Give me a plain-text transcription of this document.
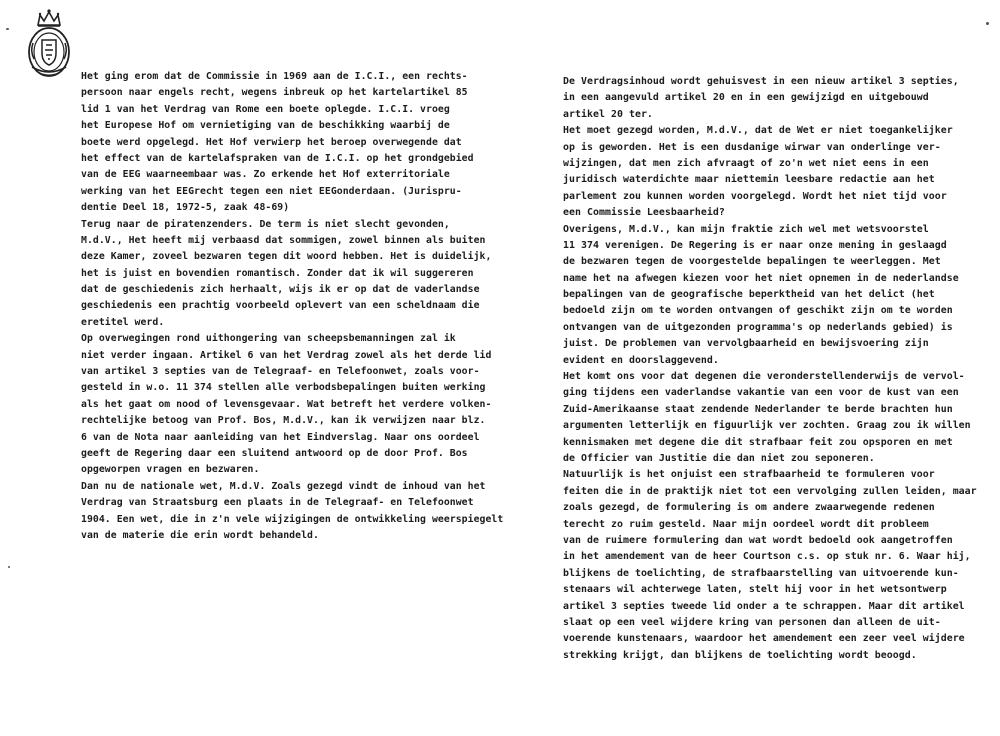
Het ging erom dat de Commissie in 1969 aan de I.C.I., een rechts-
persoon naar engels recht, wegens inbreuk op het kartelartikel 85
lid 1 van het Verdrag van Rome een boete oplegde. I.C.I. vroeg
het Europese Hof om vernietiging van de beschikking waarbij de
boete werd opgelegd. Het Hof verwierp het beroep overwegende dat
het effect van de kartelafspraken van de I.C.I. op het grondgebied
van de EEG waarneembaar was. Zo erkende het Hof exterritoriale
werking van het EEGrecht tegen een niet EEGonderdaan. (Jurispru-
dentie Deel 18, 1972-5, zaak 48-69)
Terug naar de piratenzenders. De term is niet slecht gevonden,
M.d.V., Het heeft mij verbaasd dat sommigen, zowel binnen als buiten
deze Kamer, zoveel bezwaren tegen dit woord hebben. Het is duidelijk,
het is juist en bovendien romantisch. Zonder dat ik wil suggereren
dat de geschiedenis zich herhaalt, wijs ik er op dat de vaderlandse
geschiedenis een prachtig voorbeeld oplevert van een scheldnaam die
eretitel werd.
Op overwegingen rond uithongering van scheepsbemanningen zal ik
niet verder ingaan. Artikel 6 van het Verdrag zowel als het derde lid
van artikel 3 septies van de Telegraaf- en Telefoonwet, zoals voor-
gesteld in w.o. 11 374 stellen alle verbodsbepalingen buiten werking
als het gaat om nood of levensgevaar. Wat betreft het verdere volken-
rechtelijke betoog van Prof. Bos, M.d.V., kan ik verwijzen naar blz.
6 van de Nota naar aanleiding van het Eindverslag. Naar ons oordeel
geeft de Regering daar een sluitend antwoord op de door Prof. Bos
opgeworpen vragen en bezwaren.
Dan nu de nationale wet, M.d.V. Zoals gezegd vindt de inhoud van het
Verdrag van Straatsburg een plaats in de Telegraaf- en Telefoonwet
1904. Een wet, die in z'n vele wijzigingen de ontwikkeling weerspiegelt
van de materie die erin wordt behandeld.
De Verdragsinhoud wordt gehuisvest in een nieuw artikel 3 septies,
in een aangevuld artikel 20 en in een gewijzigd en uitgebouwd
artikel 20 ter.
Het moet gezegd worden, M.d.V., dat de Wet er niet toegankelijker
op is geworden. Het is een dusdanige wirwar van onderlinge ver-
wijzingen, dat men zich afvraagt of zo'n wet niet eens in een
juridisch waterdichte maar niettemin leesbare redactie aan het
parlement zou kunnen worden voorgelegd. Wordt het niet tijd voor
een Commissie Leesbaarheid?
Overigens, M.d.V., kan mijn fraktie zich wel met wetsvoorstel
11 374 verenigen. De Regering is er naar onze mening in geslaagd
de bezwaren tegen de voorgestelde bepalingen te weerleggen. Met
name het na afwegen kiezen voor het niet opnemen in de nederlandse
bepalingen van de geografische beperktheid van het delict (het
bedoeld zijn om te worden ontvangen of geschikt zijn om te worden
ontvangen van de uitgezonden programma's op nederlands gebied) is
juist. De problemen van vervolgbaarheid en bewijsvoering zijn
evident en doorslaggevend.
Het komt ons voor dat degenen die veronderstellenderwijs de vervol-
ging tijdens een vaderlandse vakantie van een voor de kust van een
Zuid-Amerikaanse staat zendende Nederlander te berde brachten hun
argumenten letterlijk en figuurlijk ver zochten. Graag zou ik willen
kennismaken met degene die dit strafbaar feit zou opsporen en met
de Officier van Justitie die dan niet zou seponeren.
Natuurlijk is het onjuist een strafbaarheid te formuleren voor
feiten die in de praktijk niet tot een vervolging zullen leiden, maar
zoals gezegd, de formulering is om andere zwaarwegende redenen
terecht zo ruim gesteld. Naar mijn oordeel wordt dit probleem
van de ruimere formulering dan wat wordt bedoeld ook aangetroffen
in het amendement van de heer Courtson c.s. op stuk nr. 6. Waar hij,
blijkens de toelichting, de strafbaarstelling van uitvoerende kun-
stenaars wil achterwege laten, stelt hij voor in het wetsontwerp
artikel 3 septies tweede lid onder a te schrappen. Maar dit artikel
slaat op een veel wijdere kring van personen dan alleen de uit-
voerende kunstenaars, waardoor het amendement een zeer veel wijdere
strekking krijgt, dan blijkens de toelichting wordt beoogd.
